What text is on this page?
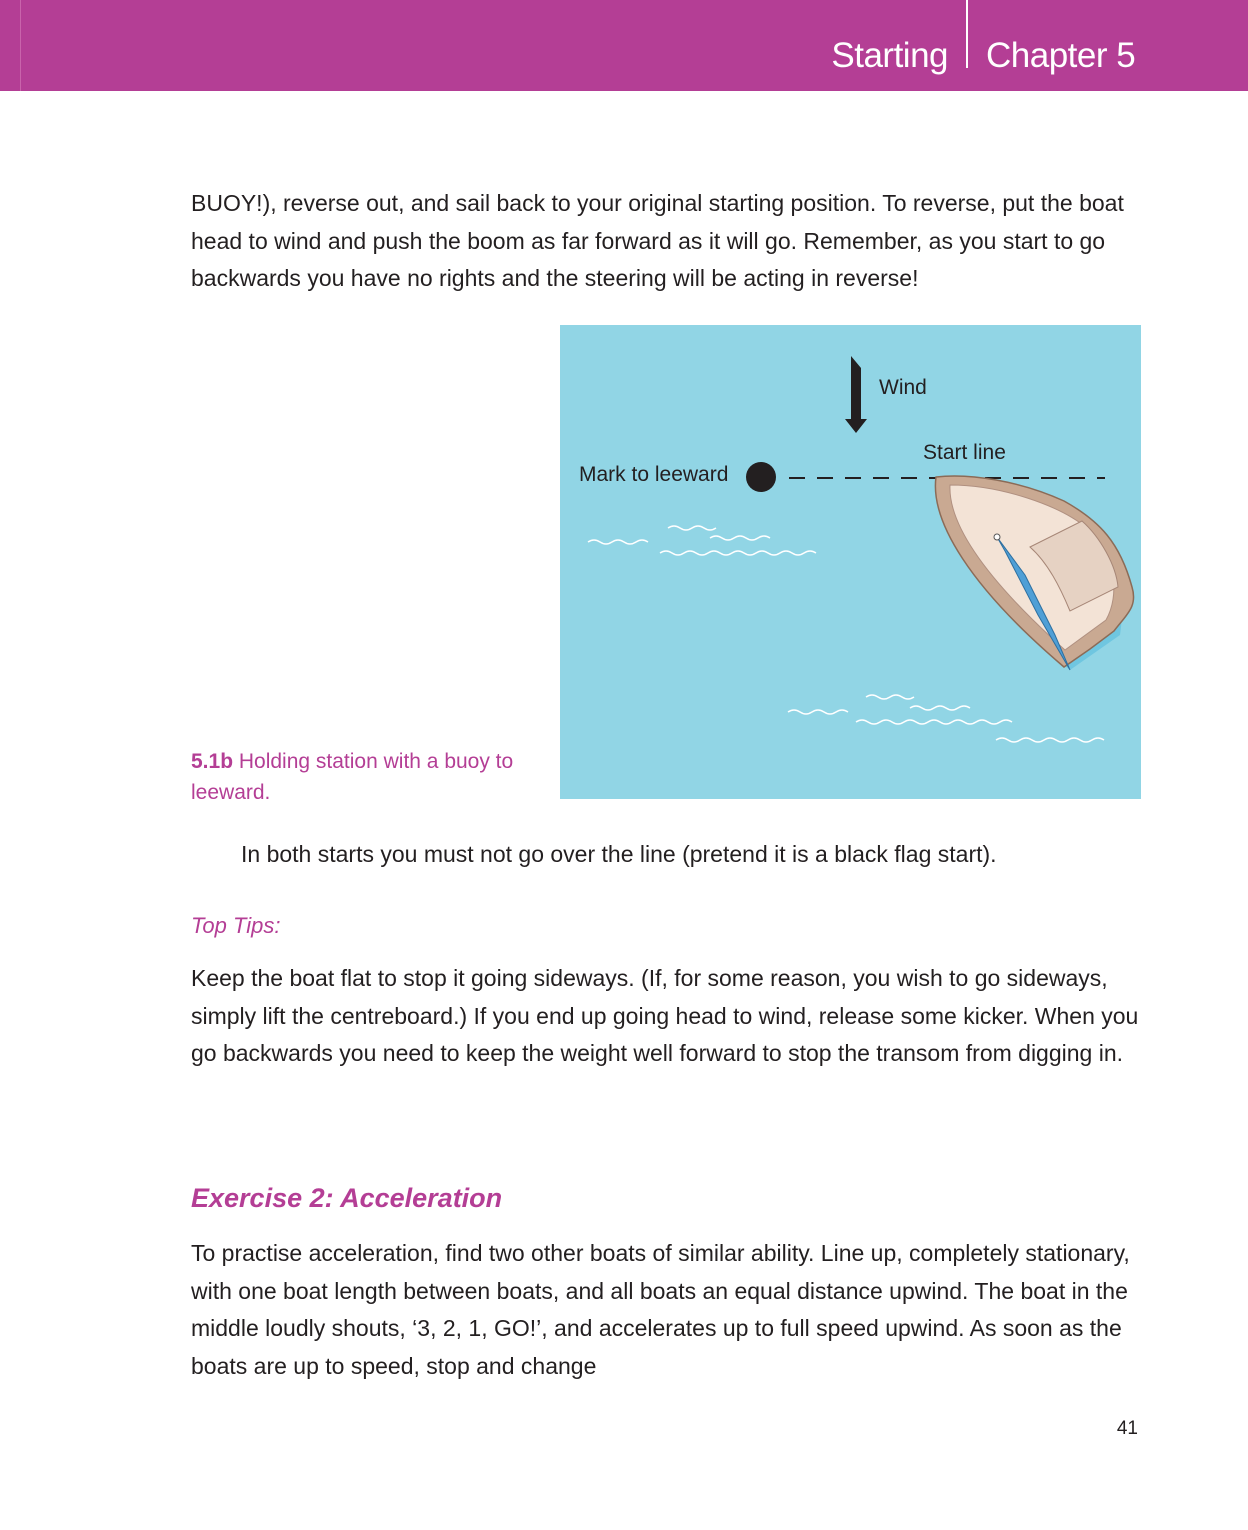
Starting Chapter 5

BUOY!), reverse out, and sail back to your original starting position. To reverse, put the boat head to wind and push the boom as far forward as it will go. Remember, as you start to go backwards you have no rights and the steering will be acting in reverse!

Wind
Start line
Mark to leeward
5.1b Holding station with a buoy to leeward.

In both starts you must not go over the line (pretend it is a black flag start).

Top Tips:

Keep the boat flat to stop it going sideways. (If, for some reason, you wish to go sideways, simply lift the centreboard.) If you end up going head to wind, release some kicker. When you go backwards you need to keep the weight well forward to stop the transom from digging in.

Exercise 2: Acceleration

To practise acceleration, find two other boats of similar ability. Line up, completely stationary, with one boat length between boats, and all boats an equal distance upwind. The boat in the middle loudly shouts, ‘3, 2, 1, GO!’, and accelerates up to full speed upwind. As soon as the boats are up to speed, stop and change

41
